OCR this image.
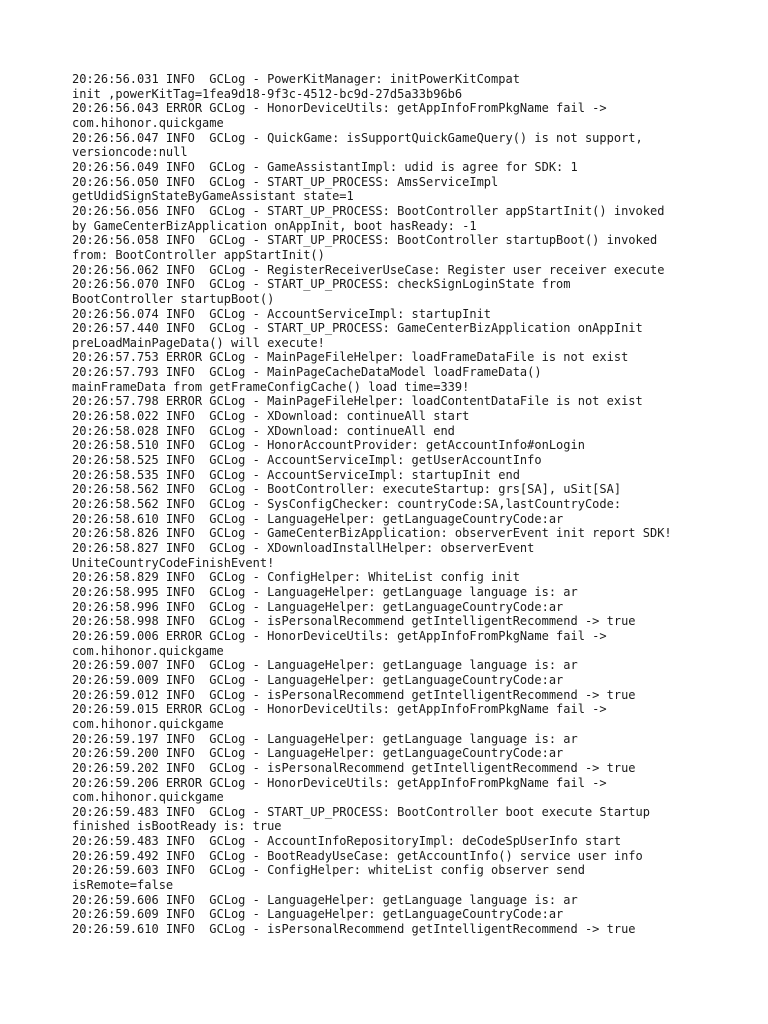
20:26:56.031 INFO  GCLog - PowerKitManager: initPowerKitCompat
init ,powerKitTag=1fea9d18-9f3c-4512-bc9d-27d5a33b96b6
20:26:56.043 ERROR GCLog - HonorDeviceUtils: getAppInfoFromPkgName fail ->
com.hihonor.quickgame
20:26:56.047 INFO  GCLog - QuickGame: isSupportQuickGameQuery() is not support,
versioncode:null
20:26:56.049 INFO  GCLog - GameAssistantImpl: udid is agree for SDK: 1
20:26:56.050 INFO  GCLog - START_UP_PROCESS: AmsServiceImpl
getUdidSignStateByGameAssistant state=1
20:26:56.056 INFO  GCLog - START_UP_PROCESS: BootController appStartInit() invoked
by GameCenterBizApplication onAppInit, boot hasReady: -1
20:26:56.058 INFO  GCLog - START_UP_PROCESS: BootController startupBoot() invoked
from: BootController appStartInit()
20:26:56.062 INFO  GCLog - RegisterReceiverUseCase: Register user receiver execute
20:26:56.070 INFO  GCLog - START_UP_PROCESS: checkSignLoginState from
BootController startupBoot()
20:26:56.074 INFO  GCLog - AccountServiceImpl: startupInit
20:26:57.440 INFO  GCLog - START_UP_PROCESS: GameCenterBizApplication onAppInit
preLoadMainPageData() will execute!
20:26:57.753 ERROR GCLog - MainPageFileHelper: loadFrameDataFile is not exist
20:26:57.793 INFO  GCLog - MainPageCacheDataModel loadFrameData()
mainFrameData from getFrameConfigCache() load time=339!
20:26:57.798 ERROR GCLog - MainPageFileHelper: loadContentDataFile is not exist
20:26:58.022 INFO  GCLog - XDownload: continueAll start
20:26:58.028 INFO  GCLog - XDownload: continueAll end
20:26:58.510 INFO  GCLog - HonorAccountProvider: getAccountInfo#onLogin
20:26:58.525 INFO  GCLog - AccountServiceImpl: getUserAccountInfo
20:26:58.535 INFO  GCLog - AccountServiceImpl: startupInit end
20:26:58.562 INFO  GCLog - BootController: executeStartup: grs[SA], uSit[SA]
20:26:58.562 INFO  GCLog - SysConfigChecker: countryCode:SA,lastCountryCode:
20:26:58.610 INFO  GCLog - LanguageHelper: getLanguageCountryCode:ar
20:26:58.826 INFO  GCLog - GameCenterBizApplication: observerEvent init report SDK!
20:26:58.827 INFO  GCLog - XDownloadInstallHelper: observerEvent
UniteCountryCodeFinishEvent!
20:26:58.829 INFO  GCLog - ConfigHelper: WhiteList config init
20:26:58.995 INFO  GCLog - LanguageHelper: getLanguage language is: ar
20:26:58.996 INFO  GCLog - LanguageHelper: getLanguageCountryCode:ar
20:26:58.998 INFO  GCLog - isPersonalRecommend getIntelligentRecommend -> true
20:26:59.006 ERROR GCLog - HonorDeviceUtils: getAppInfoFromPkgName fail ->
com.hihonor.quickgame
20:26:59.007 INFO  GCLog - LanguageHelper: getLanguage language is: ar
20:26:59.009 INFO  GCLog - LanguageHelper: getLanguageCountryCode:ar
20:26:59.012 INFO  GCLog - isPersonalRecommend getIntelligentRecommend -> true
20:26:59.015 ERROR GCLog - HonorDeviceUtils: getAppInfoFromPkgName fail ->
com.hihonor.quickgame
20:26:59.197 INFO  GCLog - LanguageHelper: getLanguage language is: ar
20:26:59.200 INFO  GCLog - LanguageHelper: getLanguageCountryCode:ar
20:26:59.202 INFO  GCLog - isPersonalRecommend getIntelligentRecommend -> true
20:26:59.206 ERROR GCLog - HonorDeviceUtils: getAppInfoFromPkgName fail ->
com.hihonor.quickgame
20:26:59.483 INFO  GCLog - START_UP_PROCESS: BootController boot execute Startup
finished isBootReady is: true
20:26:59.483 INFO  GCLog - AccountInfoRepositoryImpl: deCodeSpUserInfo start
20:26:59.492 INFO  GCLog - BootReadyUseCase: getAccountInfo() service user info
20:26:59.603 INFO  GCLog - ConfigHelper: whiteList config observer send
isRemote=false
20:26:59.606 INFO  GCLog - LanguageHelper: getLanguage language is: ar
20:26:59.609 INFO  GCLog - LanguageHelper: getLanguageCountryCode:ar
20:26:59.610 INFO  GCLog - isPersonalRecommend getIntelligentRecommend -> true
